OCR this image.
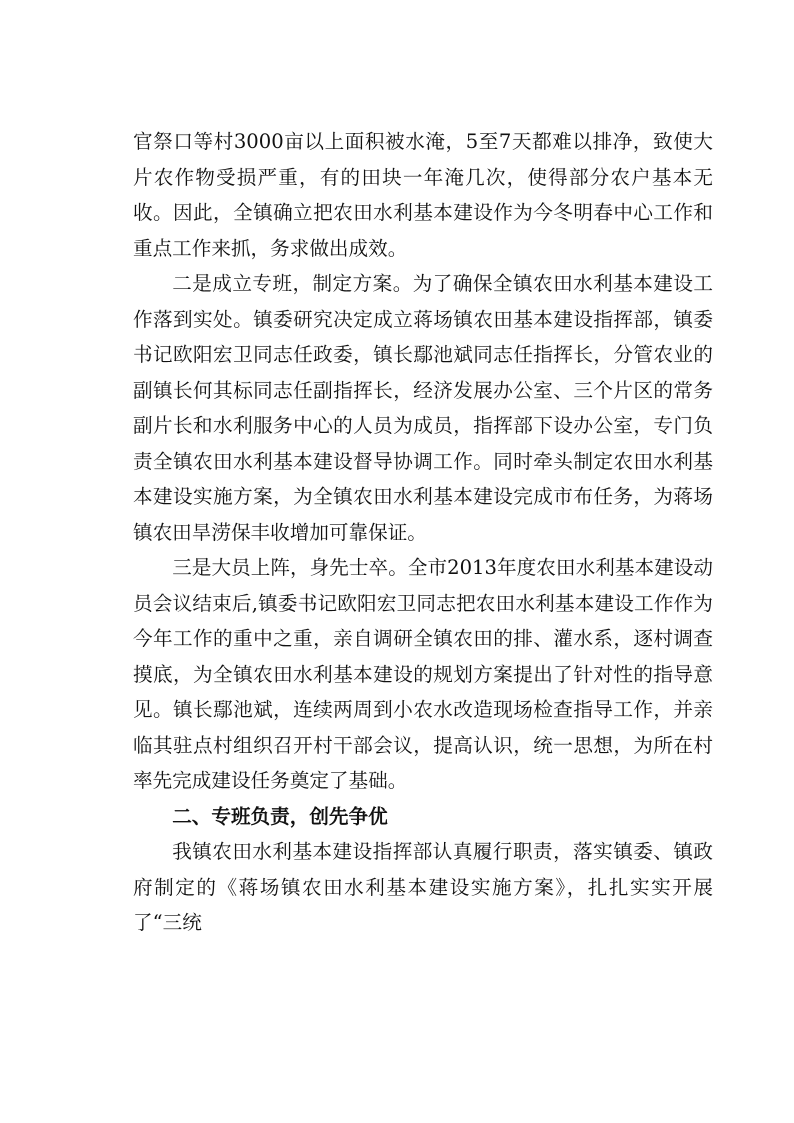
官祭口等村3000亩以上面积被水淹，5至7天都难以排净，致使大片农作物受损严重，有的田块一年淹几次，使得部分农户基本无收。因此，全镇确立把农田水利基本建设作为今冬明春中心工作和重点工作来抓，务求做出成效。

二是成立专班，制定方案。为了确保全镇农田水利基本建设工作落到实处。镇委研究决定成立蒋场镇农田基本建设指挥部，镇委书记欧阳宏卫同志任政委，镇长鄢池斌同志任指挥长，分管农业的副镇长何其标同志任副指挥长，经济发展办公室、三个片区的常务副片长和水利服务中心的人员为成员，指挥部下设办公室，专门负责全镇农田水利基本建设督导协调工作。同时牵头制定农田水利基本建设实施方案，为全镇农田水利基本建设完成市布任务，为蒋场镇农田旱涝保丰收增加可靠保证。

三是大员上阵，身先士卒。全市2013年度农田水利基本建设动员会议结束后,镇委书记欧阳宏卫同志把农田水利基本建设工作作为今年工作的重中之重，亲自调研全镇农田的排、灌水系，逐村调查摸底，为全镇农田水利基本建设的规划方案提出了针对性的指导意见。镇长鄢池斌，连续两周到小农水改造现场检查指导工作，并亲临其驻点村组织召开村干部会议，提高认识，统一思想，为所在村率先完成建设任务奠定了基础。

二、专班负责，创先争优

我镇农田水利基本建设指挥部认真履行职责，落实镇委、镇政府制定的《蒋场镇农田水利基本建设实施方案》，扎扎实实开展了“三统
